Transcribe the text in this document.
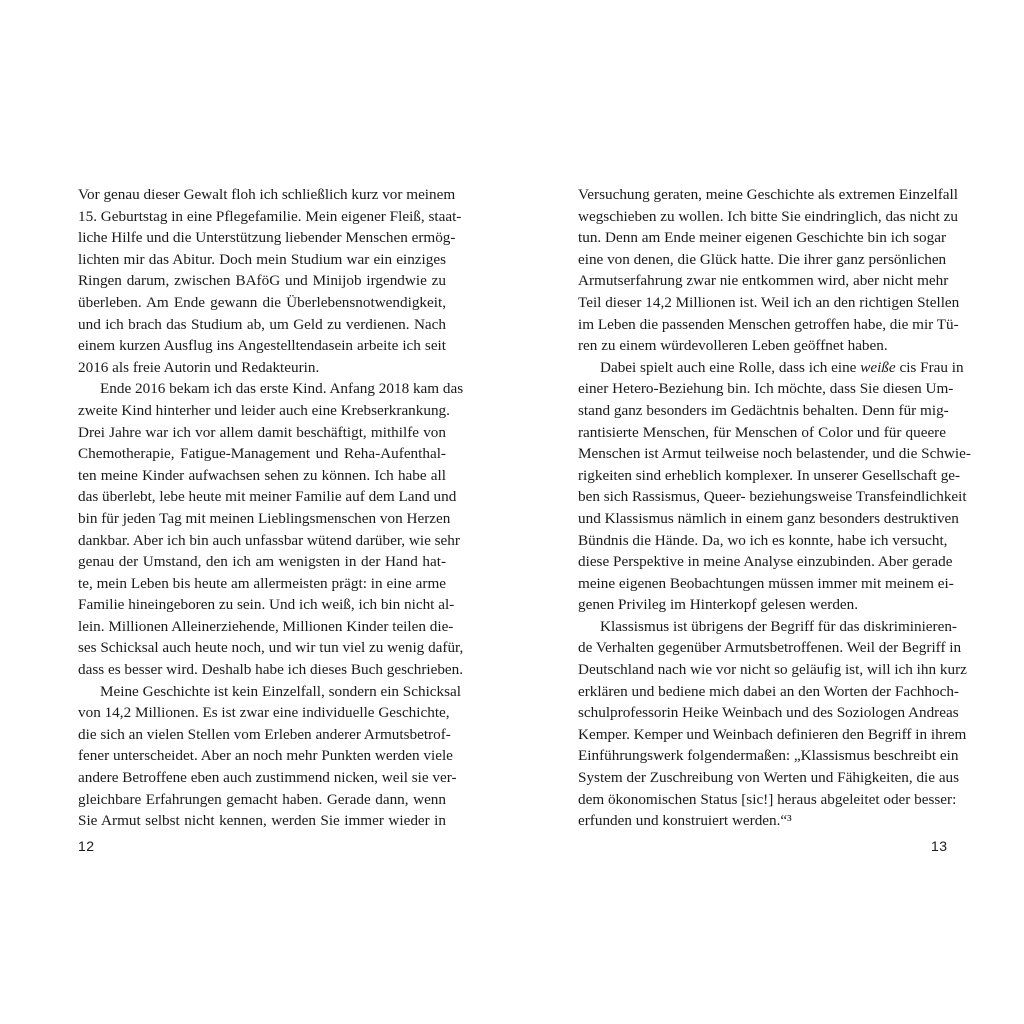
Vor genau dieser Gewalt floh ich schließlich kurz vor meinem
15. Geburtstag in eine Pflegefamilie. Mein eigener Fleiß, staat-
liche Hilfe und die Unterstützung liebender Menschen ermög-
lichten mir das Abitur. Doch mein Studium war ein einziges
Ringen darum, zwischen BAföG und Minijob irgendwie zu
überleben. Am Ende gewann die Überlebensnotwendigkeit,
und ich brach das Studium ab, um Geld zu verdienen. Nach
einem kurzen Ausflug ins Angestelltendasein arbeite ich seit
2016 als freie Autorin und Redakteurin.
Ende 2016 bekam ich das erste Kind. Anfang 2018 kam das
zweite Kind hinterher und leider auch eine Krebserkrankung.
Drei Jahre war ich vor allem damit beschäftigt, mithilfe von
Chemotherapie, Fatigue-Management und Reha-Aufenthal-
ten meine Kinder aufwachsen sehen zu können. Ich habe all
das überlebt, lebe heute mit meiner Familie auf dem Land und
bin für jeden Tag mit meinen Lieblingsmenschen von Herzen
dankbar. Aber ich bin auch unfassbar wütend darüber, wie sehr
genau der Umstand, den ich am wenigsten in der Hand hat-
te, mein Leben bis heute am allermeisten prägt: in eine arme
Familie hineingeboren zu sein. Und ich weiß, ich bin nicht al-
lein. Millionen Alleinerziehende, Millionen Kinder teilen die-
ses Schicksal auch heute noch, und wir tun viel zu wenig dafür,
dass es besser wird. Deshalb habe ich dieses Buch geschrieben.
Meine Geschichte ist kein Einzelfall, sondern ein Schicksal
von 14,2 Millionen. Es ist zwar eine individuelle Geschichte,
die sich an vielen Stellen vom Erleben anderer Armutsbetrof-
fener unterscheidet. Aber an noch mehr Punkten werden viele
andere Betroffene eben auch zustimmend nicken, weil sie ver-
gleichbare Erfahrungen gemacht haben. Gerade dann, wenn
Sie Armut selbst nicht kennen, werden Sie immer wieder in
Versuchung geraten, meine Geschichte als extremen Einzelfall
wegschieben zu wollen. Ich bitte Sie eindringlich, das nicht zu
tun. Denn am Ende meiner eigenen Geschichte bin ich sogar
eine von denen, die Glück hatte. Die ihrer ganz persönlichen
Armutserfahrung zwar nie entkommen wird, aber nicht mehr
Teil dieser 14,2 Millionen ist. Weil ich an den richtigen Stellen
im Leben die passenden Menschen getroffen habe, die mir Tü-
ren zu einem würdevolleren Leben geöffnet haben.
Dabei spielt auch eine Rolle, dass ich eine weiße cis Frau in
einer Hetero-Beziehung bin. Ich möchte, dass Sie diesen Um-
stand ganz besonders im Gedächtnis behalten. Denn für mig-
rantisierte Menschen, für Menschen of Color und für queere
Menschen ist Armut teilweise noch belastender, und die Schwie-
rigkeiten sind erheblich komplexer. In unserer Gesellschaft ge-
ben sich Rassismus, Queer- beziehungsweise Transfeindlichkeit
und Klassismus nämlich in einem ganz besonders destruktiven
Bündnis die Hände. Da, wo ich es konnte, habe ich versucht,
diese Perspektive in meine Analyse einzubinden. Aber gerade
meine eigenen Beobachtungen müssen immer mit meinem ei-
genen Privileg im Hinterkopf gelesen werden.
Klassismus ist übrigens der Begriff für das diskriminieren-
de Verhalten gegenüber Armutsbetroffenen. Weil der Begriff in
Deutschland nach wie vor nicht so geläufig ist, will ich ihn kurz
erklären und bediene mich dabei an den Worten der Fachhoch-
schulprofessorin Heike Weinbach und des Soziologen Andreas
Kemper. Kemper und Weinbach definieren den Begriff in ihrem
Einführungswerk folgendermaßen: „Klassismus beschreibt ein
System der Zuschreibung von Werten und Fähigkeiten, die aus
dem ökonomischen Status [sic!] heraus abgeleitet oder besser:
erfunden und konstruiert werden.“³
12	13
